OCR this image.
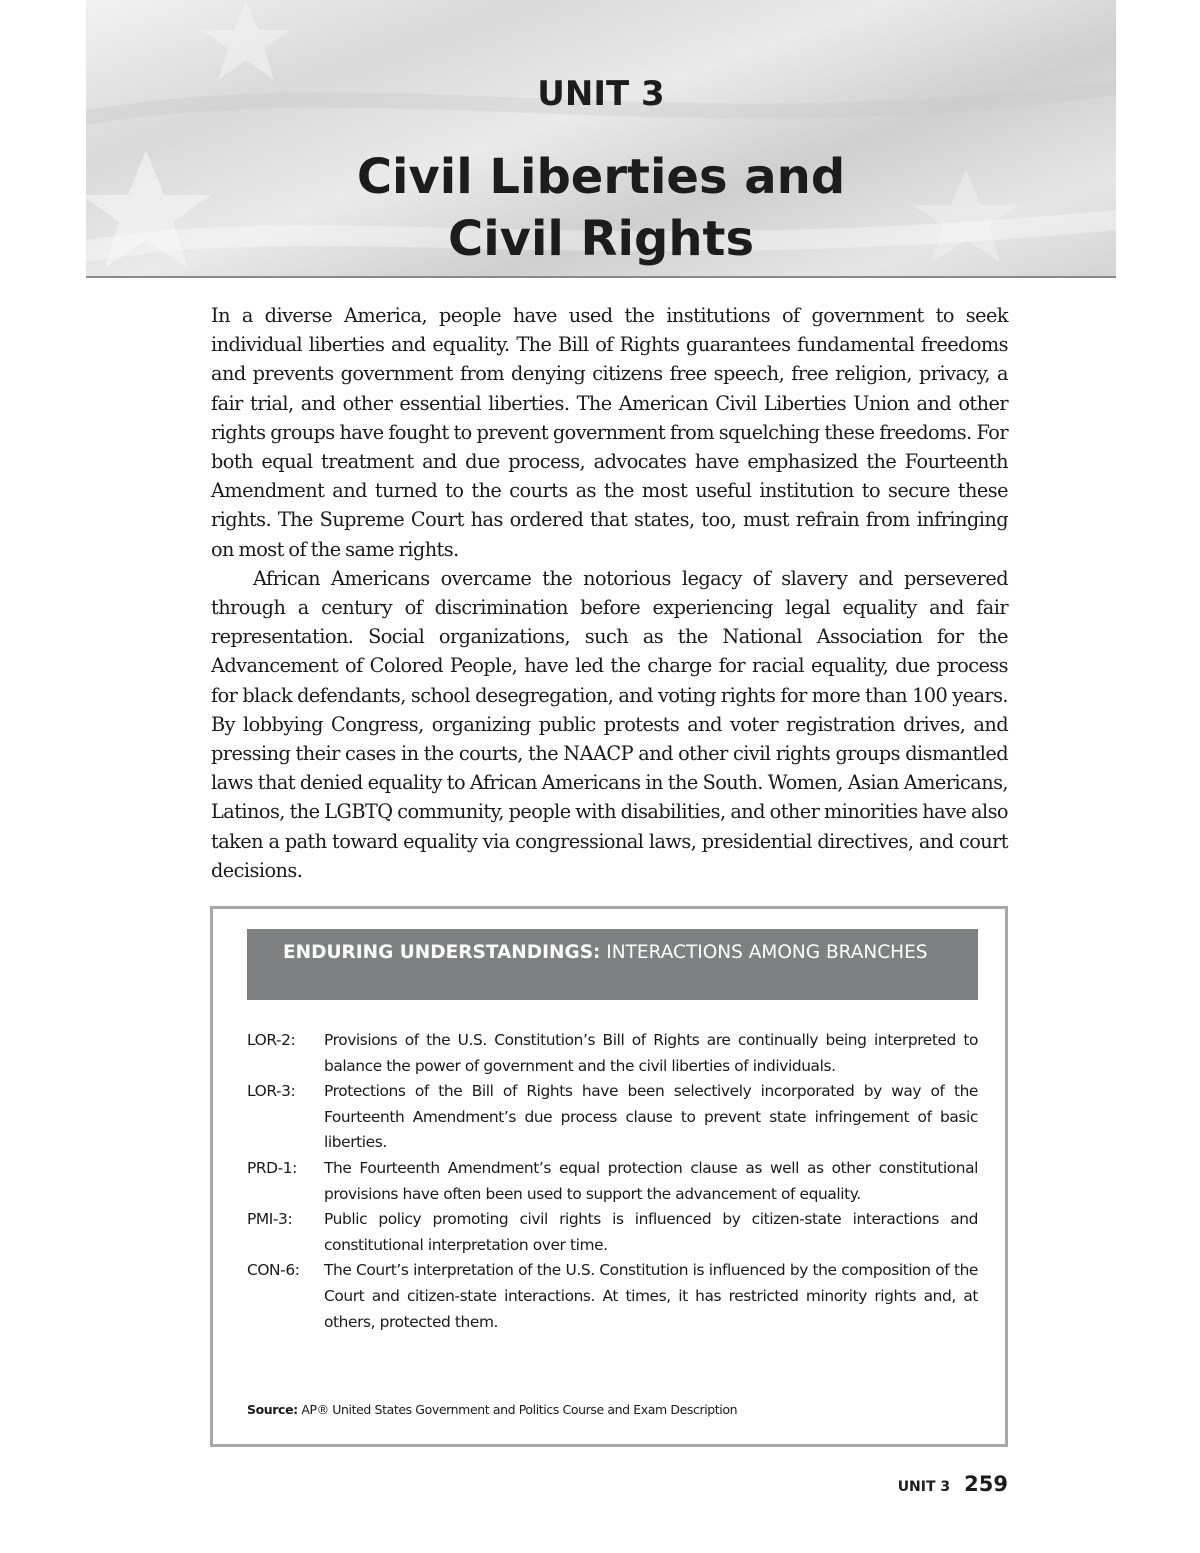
UNIT 3
Civil Liberties and
Civil Rights

In a diverse America, people have used the institutions of government to seek individual liberties and equality. The Bill of Rights guarantees fundamental freedoms and prevents government from denying citizens free speech, free religion, privacy, a fair trial, and other essential liberties. The American Civil Liberties Union and other rights groups have fought to prevent government from squelching these freedoms. For both equal treatment and due process, advocates have emphasized the Fourteenth Amendment and turned to the courts as the most useful institution to secure these rights. The Supreme Court has ordered that states, too, must refrain from infringing on most of the same rights.

African Americans overcame the notorious legacy of slavery and persevered through a century of discrimination before experiencing legal equality and fair representation. Social organizations, such as the National Association for the Advancement of Colored People, have led the charge for racial equality, due process for black defendants, school desegregation, and voting rights for more than 100 years. By lobbying Congress, organizing public protests and voter registration drives, and pressing their cases in the courts, the NAACP and other civil rights groups dismantled laws that denied equality to African Americans in the South. Women, Asian Americans, Latinos, the LGBTQ community, people with disabilities, and other minorities have also taken a path toward equality via congressional laws, presidential directives, and court decisions.

ENDURING UNDERSTANDINGS: INTERACTIONS AMONG BRANCHES
LOR-2:	Provisions of the U.S. Constitution’s Bill of Rights are continually being interpreted to balance the power of government and the civil liberties of individuals.
LOR-3:	Protections of the Bill of Rights have been selectively incorporated by way of the Fourteenth Amendment’s due process clause to prevent state infringement of basic liberties.
PRD-1:	The Fourteenth Amendment’s equal protection clause as well as other constitutional provisions have often been used to support the advancement of equality.
PMI-3:	Public policy promoting civil rights is influenced by citizen-state interactions and constitutional interpretation over time.
CON-6:	The Court’s interpretation of the U.S. Constitution is influenced by the composition of the Court and citizen-state interactions. At times, it has restricted minority rights and, at others, protected them.
Source: AP® United States Government and Politics Course and Exam Description
UNIT 3 259
